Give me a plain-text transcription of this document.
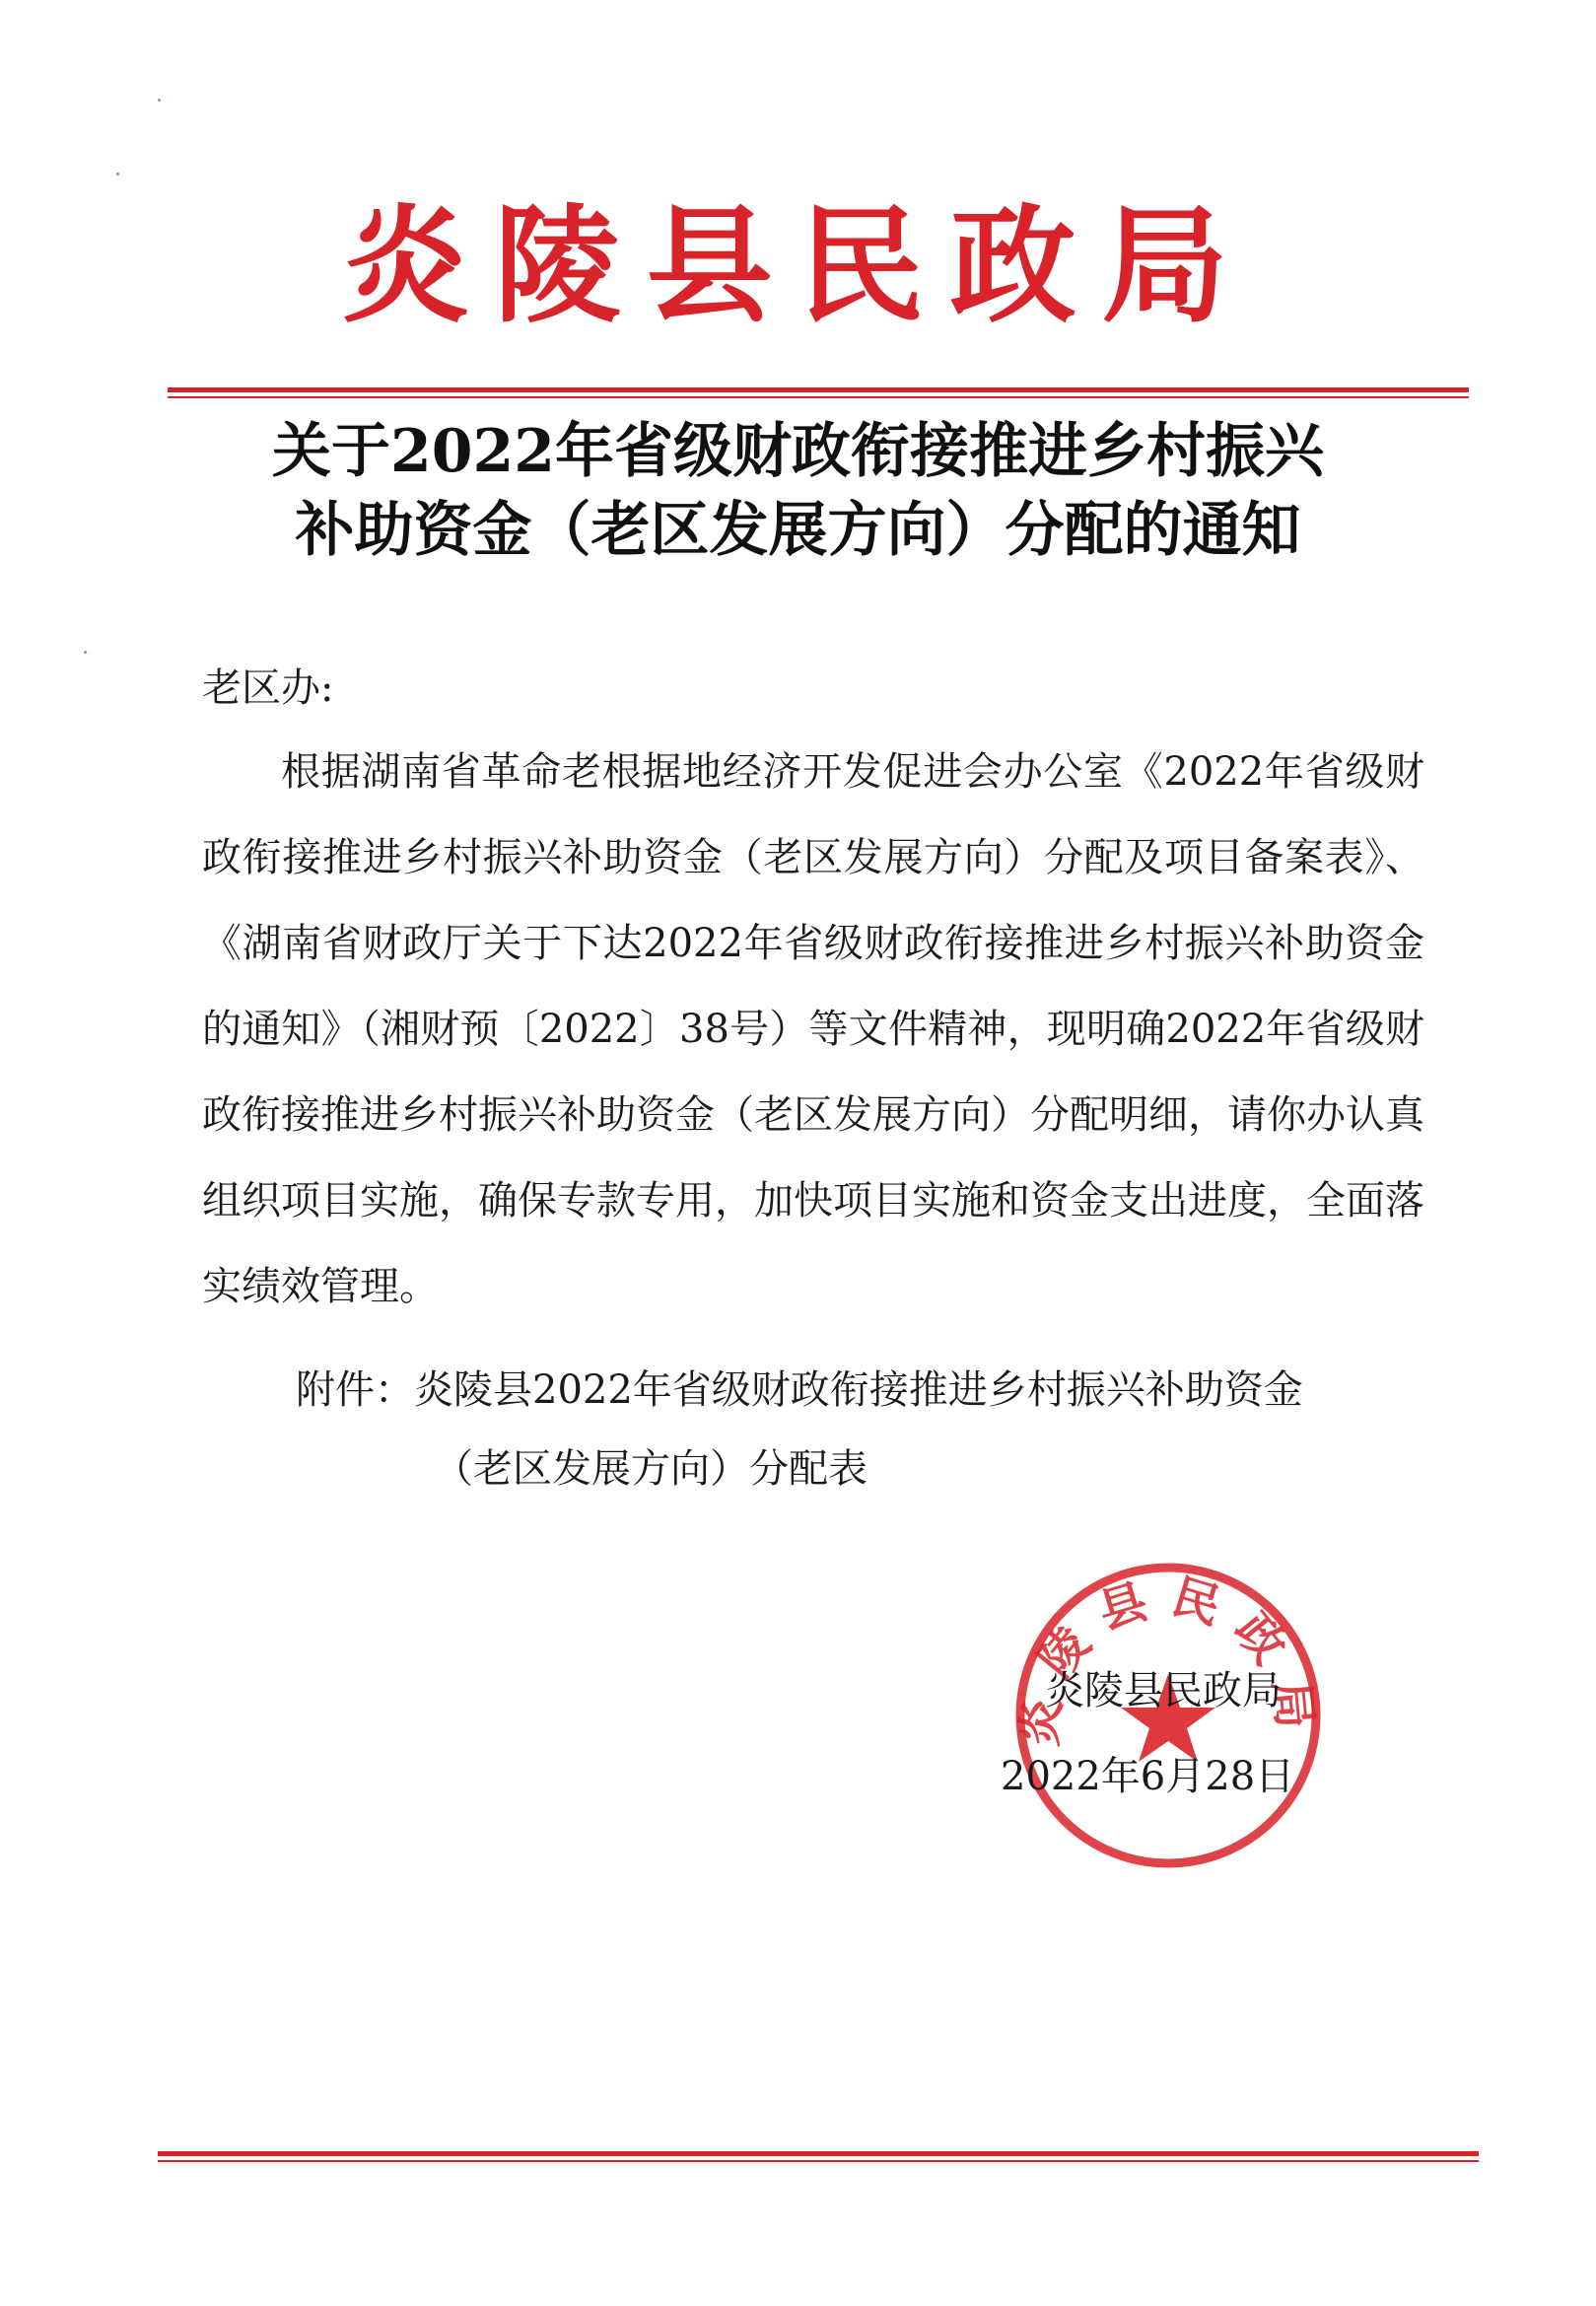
炎陵县民政局
关于2022年省级财政衔接推进乡村振兴
补助资金（老区发展方向）分配的通知
老区办:
根据湖南省革命老根据地经济开发促进会办公室《2022年省级财政衔接推进乡村振兴补助资金（老区发展方向）分配及项目备案表》、《湖南省财政厅关于下达2022年省级财政衔接推进乡村振兴补助资金的通知》（湘财预〔2022〕38号）等文件精神，现明确2022年省级财政衔接推进乡村振兴补助资金（老区发展方向）分配明细，请你办认真组织项目实施，确保专款专用，加快项目实施和资金支出进度，全面落实绩效管理。
附件：炎陵县2022年省级财政衔接推进乡村振兴补助资金
（老区发展方向）分配表
炎陵县民政局
炎陵县民政局
2022年6月28日
